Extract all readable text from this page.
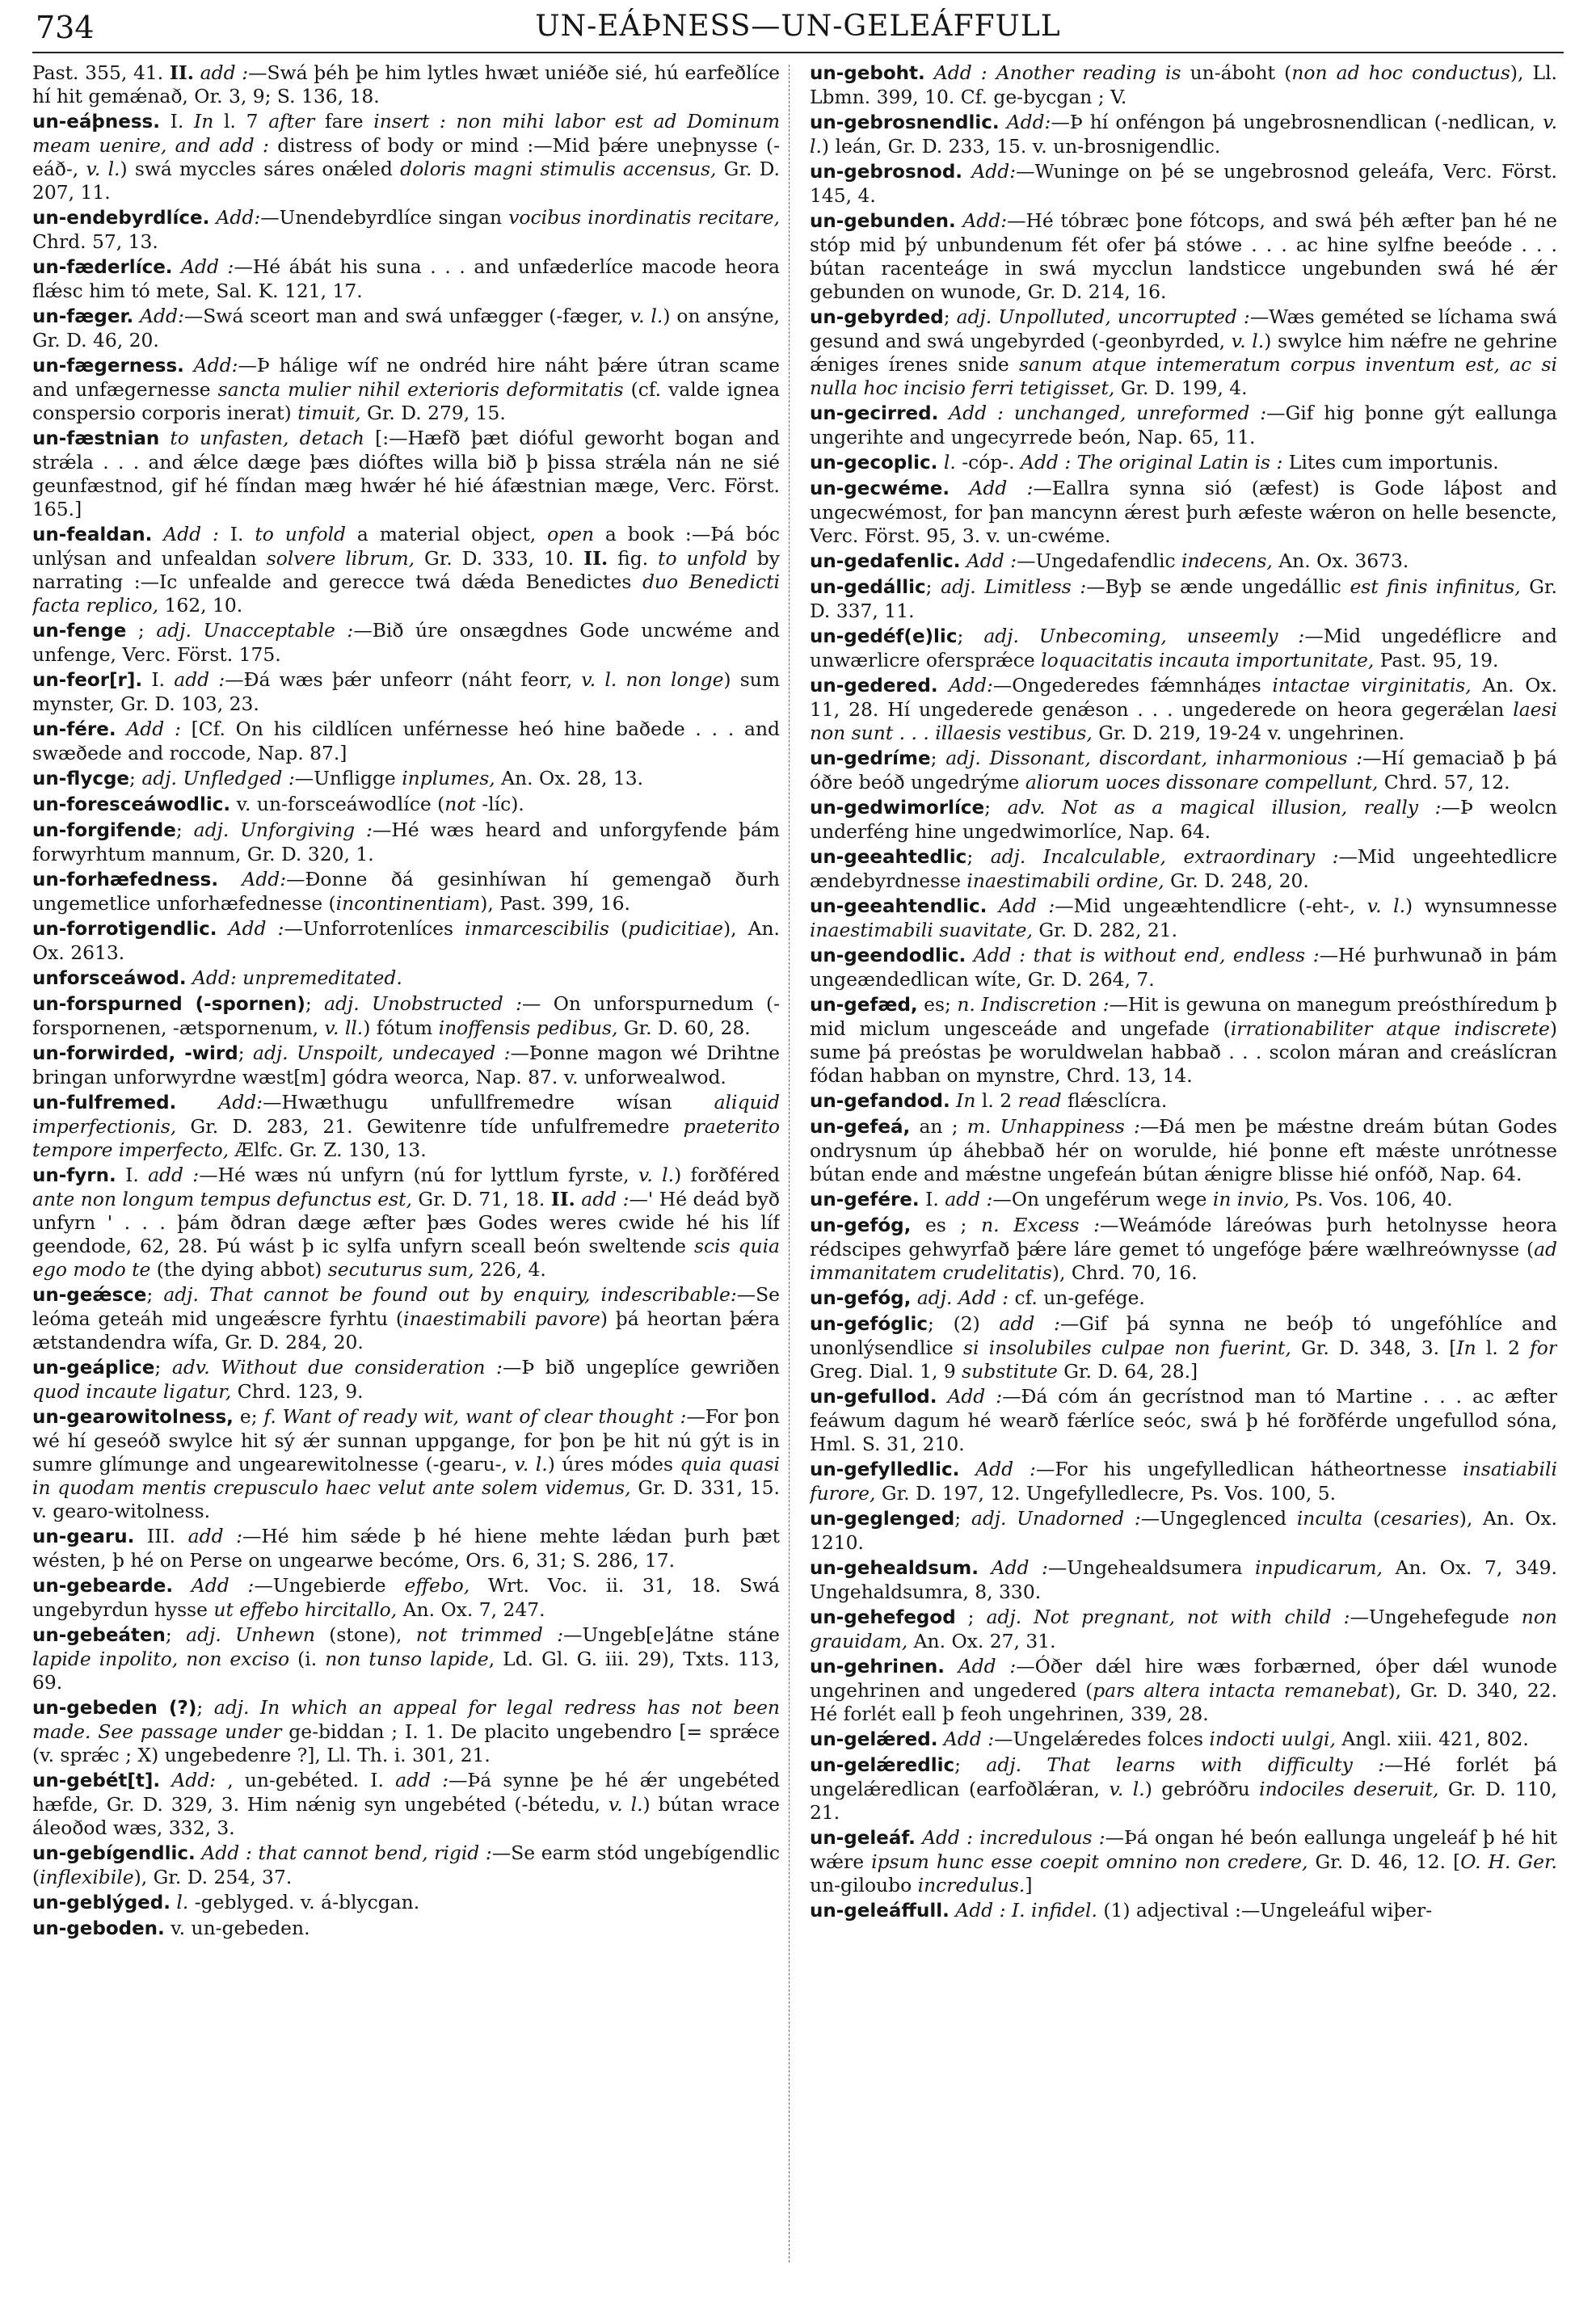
734	UN-EÁÞNESS—UN-GELEÁFFULL

Past. 355, 41. II. add :—Swá þéh þe him lytles hwæt uniéðe sié, hú earfeðlíce hí hit gemǽnað, Or. 3, 9; S. 136, 18.

un-eáþness. I. In l. 7 after fare insert : non mihi labor est ad Dominum meam uenire, and add : distress of body or mind :—Mid þǽre uneþnysse (-eáð-, v. l.) swá myccles sáres onǽled doloris magni stimulis accensus, Gr. D. 207, 11.

un-endebyrdlíce. Add:—Unendebyrdlíce singan vocibus inordinatis recitare, Chrd. 57, 13.

un-fæderlíce. Add :—Hé ábát his suna . . . and unfæderlíce macode heora flǽsc him tó mete, Sal. K. 121, 17.

un-fæger. Add:—Swá sceort man and swá unfægger (-fæger, v. l.) on ansýne, Gr. D. 46, 20.

un-fægerness. Add:—Þ hálige wíf ne ondréd hire náht þǽre útran scame and unfægernesse sancta mulier nihil exterioris deformitatis (cf. valde ignea conspersio corporis inerat) timuit, Gr. D. 279, 15.

un-fæstnian to unfasten, detach [:—Hæfð þæt dióful geworht bogan and strǽla . . . and ǽlce dæge þæs dióftes willa bið þ þissa strǽla nán ne sié geunfæstnod, gif hé fíndan mæg hwǽr hé hié áfæstnian mæge, Verc. Först. 165.]

un-fealdan. Add : I. to unfold a material object, open a book :—Þá bóc unlýsan and unfealdan solvere librum, Gr. D. 333, 10. II. fig. to unfold by narrating :—Ic unfealde and gerecce twá dǽda Benedictes duo Benedicti facta replico, 162, 10.

un-fenge ; adj. Unacceptable :—Bið úre onsægdnes Gode uncwéme and unfenge, Verc. Först. 175.

un-feor[r]. I. add :—Ðá wæs þǽr unfeorr (náht feorr, v. l. non longe) sum mynster, Gr. D. 103, 23.

un-fére. Add : [Cf. On his cildlícen unférnesse heó hine baðede . . . and swæðede and roccode, Nap. 87.]

un-flycge; adj. Unfledged :—Unfligge inplumes, An. Ox. 28, 13.

un-foresceáwodlic. v. un-forsceáwodlíce (not -líc).

un-forgifende; adj. Unforgiving :—Hé wæs heard and unforgyfende þám forwyrhtum mannum, Gr. D. 320, 1.

un-forhæfedness. Add:—Ðonne ðá gesinhíwan hí gemengað ðurh ungemetlice unforhæfednesse (incontinentiam), Past. 399, 16.

un-forrotigendlic. Add :—Unforrotenlíces inmarcescibilis (pudicitiae), An. Ox. 2613.

unforsceáwod. Add: unpremeditated.

un-forspurned (-spornen); adj. Unobstructed :— On unforspurnedum (-forspornenen, -ætspornenum, v. ll.) fótum inoffensis pedibus, Gr. D. 60, 28.

un-forwirded, -wird; adj. Unspoilt, undecayed :—Þonne magon wé Drihtne bringan unforwyrdne wæst[m] gódra weorca, Nap. 87. v. unforwealwod.

un-fulfremed. Add:—Hwæthugu unfullfremedre wísan aliquid imperfectionis, Gr. D. 283, 21. Gewitenre tíde unfulfremedre praeterito tempore imperfecto, Ælfc. Gr. Z. 130, 13.

un-fyrn. I. add :—Hé wæs nú unfyrn (nú for lyttlum fyrste, v. l.) forðféred ante non longum tempus defunctus est, Gr. D. 71, 18. II. add :—' Hé deád byð unfyrn ' . . . þám ðdran dæge æfter þæs Godes weres cwide hé his líf geendode, 62, 28. Þú wást þ ic sylfa unfyrn sceall beón sweltende scis quia ego modo te (the dying abbot) secuturus sum, 226, 4.

un-geǽsce; adj. That cannot be found out by enquiry, indescribable:—Se leóma geteáh mid ungeǽscre fyrhtu (inaestimabili pavore) þá heortan þǽra ætstandendra wífa, Gr. D. 284, 20.

un-geáplice; adv. Without due consideration :—Þ bið ungeplíce gewriðen quod incaute ligatur, Chrd. 123, 9.

un-gearowitolness, e; f. Want of ready wit, want of clear thought :—For þon wé hí geseóð swylce hit sý ǽr sunnan uppgange, for þon þe hit nú gýt is in sumre glímunge and ungearewitolnesse (-gearu-, v. l.) úres módes quia quasi in quodam mentis crepusculo haec velut ante solem videmus, Gr. D. 331, 15. v. gearo-witolness.

un-gearu. III. add :—Hé him sǽde þ hé hiene mehte lǽdan þurh þæt wésten, þ hé on Perse on ungearwe becóme, Ors. 6, 31; S. 286, 17.

un-gebearde. Add :—Ungebierde effebo, Wrt. Voc. ii. 31, 18. Swá ungebyrdun hysse ut effebo hircitallo, An. Ox. 7, 247.

un-gebeáten; adj. Unhewn (stone), not trimmed :—Ungeb[e]átne stáne lapide inpolito, non exciso (i. non tunso lapide, Ld. Gl. G. iii. 29), Txts. 113, 69.

un-gebeden (?); adj. In which an appeal for legal redress has not been made. See passage under ge-biddan ; I. 1. De placito ungebendro [= sprǽce (v. sprǽc ; X) ungebedenre ?], Ll. Th. i. 301, 21.

un-gebét[t]. Add: , un-gebéted. I. add :—Þá synne þe hé ǽr ungebéted hæfde, Gr. D. 329, 3. Him nǽnig syn ungebéted (-bétedu, v. l.) bútan wrace áleoðod wæs, 332, 3.

un-gebígendlic. Add : that cannot bend, rigid :—Se earm stód ungebígendlic (inflexibile), Gr. D. 254, 37.

un-geblýged. l. -geblyged. v. á-blycgan.

un-geboden. v. un-gebeden.

un-geboht. Add : Another reading is un-áboht (non ad hoc conductus), Ll. Lbmn. 399, 10. Cf. ge-bycgan ; V.

un-gebrosnendlic. Add:—Þ hí onféngon þá ungebrosnendlican (-nedlican, v. l.) leán, Gr. D. 233, 15. v. un-brosnigendlic.

un-gebrosnod. Add:—Wuninge on þé se ungebrosnod geleáfa, Verc. Först. 145, 4.

un-gebunden. Add:—Hé tóbræc þone fótcops, and swá þéh æfter þan hé ne stóp mid þý unbundenum fét ofer þá stówe . . . ac hine sylfne beeóde . . . bútan racenteáge in swá mycclun landsticce ungebunden swá hé ǽr gebunden on wunode, Gr. D. 214, 16.

un-gebyrded; adj. Unpolluted, uncorrupted :—Wæs geméted se líchama swá gesund and swá ungebyrded (-geonbyrded, v. l.) swylce him nǽfre ne gehrine ǽniges írenes snide sanum atque intemeratum corpus inventum est, ac si nulla hoc incisio ferri tetigisset, Gr. D. 199, 4.

un-gecirred. Add : unchanged, unreformed :—Gif hig þonne gýt eallunga ungerihte and ungecyrrede beón, Nap. 65, 11.

un-gecoplic. l. -cóp-. Add : The original Latin is : Lites cum importunis.

un-gecwéme. Add :—Eallra synna sió (æfest) is Gode láþost and ungecwémost, for þan mancynn ǽrest þurh æfeste wǽron on helle besencte, Verc. Först. 95, 3. v. un-cwéme.

un-gedafenlic. Add :—Ungedafendlic indecens, An. Ox. 3673.

un-gedállic; adj. Limitless :—Byþ se ænde ungedállic est finis infinitus, Gr. D. 337, 11.

un-gedéf(e)lic; adj. Unbecoming, unseemly :—Mid ungedéflicre and unwærlicre ofersprǽce loquacitatis incauta importunitate, Past. 95, 19.

un-gedered. Add:—Ongederedes fǽmnháдes intactae virginitatis, An. Ox. 11, 28. Hí ungederede genǽson . . . ungederede on heora gegerǽlan laesi non sunt . . . illaesis vestibus, Gr. D. 219, 19-24 v. ungehrinen.

un-gedríme; adj. Dissonant, discordant, inharmonious :—Hí gemaciað þ þá óðre beóð ungedrýme aliorum uoces dissonare compellunt, Chrd. 57, 12.

un-gedwimorlíce; adv. Not as a magical illusion, really :—Þ weolcn underféng hine ungedwimorlíce, Nap. 64.

un-geeahtedlic; adj. Incalculable, extraordinary :—Mid ungeehtedlicre ændebyrdnesse inaestimabili ordine, Gr. D. 248, 20.

un-geeahtendlic. Add :—Mid ungeæhtendlicre (-eht-, v. l.) wynsumnesse inaestimabili suavitate, Gr. D. 282, 21.

un-geendodlic. Add : that is without end, endless :—Hé þurhwunað in þám ungeændedlican wíte, Gr. D. 264, 7.

un-gefæd, es; n. Indiscretion :—Hit is gewuna on manegum preósthíredum þ mid miclum ungesceáde and ungefade (irrationabiliter atque indiscrete) sume þá preóstas þe woruldwelan habbað . . . scolon máran and creáslícran fódan habban on mynstre, Chrd. 13, 14.

un-gefandod. In l. 2 read flǽsclícra.

un-gefeá, an ; m. Unhappiness :—Ðá men þe mǽstne dreám bútan Godes ondrysnum úp áhebbað hér on worulde, hié þonne eft mǽste unrótnesse bútan ende and mǽstne ungefeán bútan ǽnigre blisse hié onfóð, Nap. 64.

un-gefére. I. add :—On ungeférum wege in invio, Ps. Vos. 106, 40.

un-gefóg, es ; n. Excess :—Weámóde láreówas þurh hetolnysse heora rédscipes gehwyrfað þǽre láre gemet tó ungefóge þǽre wælhreównysse (ad immanitatem crudelitatis), Chrd. 70, 16.

un-gefóg, adj. Add : cf. un-gefége.

un-gefóglic; (2) add :—Gif þá synna ne beóþ tó ungefóhlíce and unonlýsendlice si insolubiles culpae non fuerint, Gr. D. 348, 3. [In l. 2 for Greg. Dial. 1, 9 substitute Gr. D. 64, 28.]

un-gefullod. Add :—Ðá cóm án gecrístnod man tó Martine . . . ac æfter feáwum dagum hé wearð fǽrlíce seóc, swá þ hé forðférde ungefullod sóna, Hml. S. 31, 210.

un-gefylledlic. Add :—For his ungefylledlican hátheortnesse insatiabili furore, Gr. D. 197, 12. Ungefylledlecre, Ps. Vos. 100, 5.

un-geglenged; adj. Unadorned :—Ungeglenced inculta (cesaries), An. Ox. 1210.

un-gehealdsum. Add :—Ungehealdsumera inpudicarum, An. Ox. 7, 349. Ungehaldsumra, 8, 330.

un-gehefegod ; adj. Not pregnant, not with child :—Ungehefegude non grauidam, An. Ox. 27, 31.

un-gehrinen. Add :—Óðer dǽl hire wæs forbærned, óþer dǽl wunode ungehrinen and ungedered (pars altera intacta remanebat), Gr. D. 340, 22. Hé forlét eall þ feoh ungehrinen, 339, 28.

un-gelǽred. Add :—Ungelǽredes folces indocti uulgi, Angl. xiii. 421, 802.

un-gelǽredlic; adj. That learns with difficulty :—Hé forlét þá ungelǽredlican (earfoðlǽran, v. l.) gebróðru indociles deseruit, Gr. D. 110, 21.

un-geleáf. Add : incredulous :—Þá ongan hé beón eallunga ungeleáf þ hé hit wǽre ipsum hunc esse coepit omnino non credere, Gr. D. 46, 12. [O. H. Ger. un-giloubo incredulus.]

un-geleáffull. Add : I. infidel. (1) adjectival :—Ungeleáful wiþer-
